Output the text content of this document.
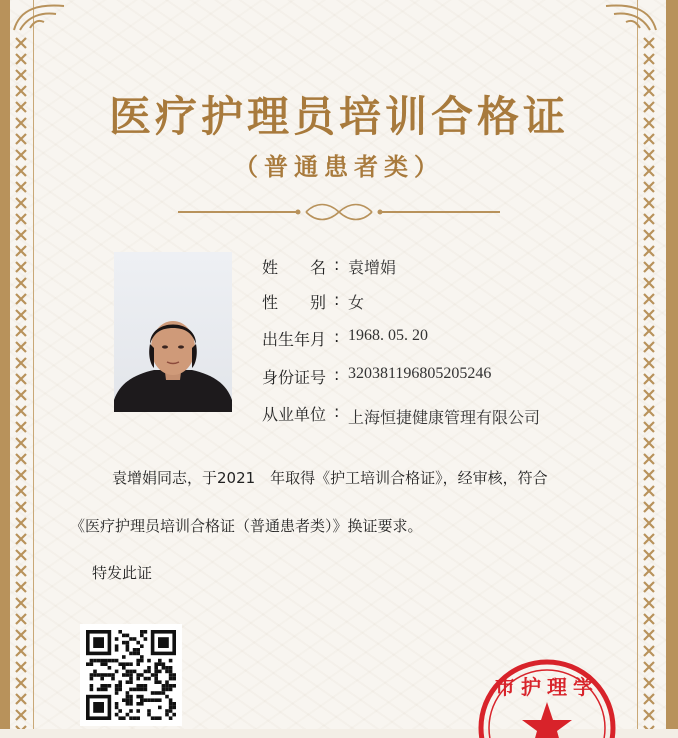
医疗护理员培训合格证
（普通患者类）
姓　　名 : 袁增娟
性　　别 : 女
出生年月 : 1968. 05. 20
身份证号 : 320381196805205246
从业单位 : 上海恒捷健康管理有限公司
袁增娟同志，于2021　年取得《护工培训合格证》，经审核，符合
《医疗护理员培训合格证（普通患者类）》换证要求。
特发此证
市护理学
